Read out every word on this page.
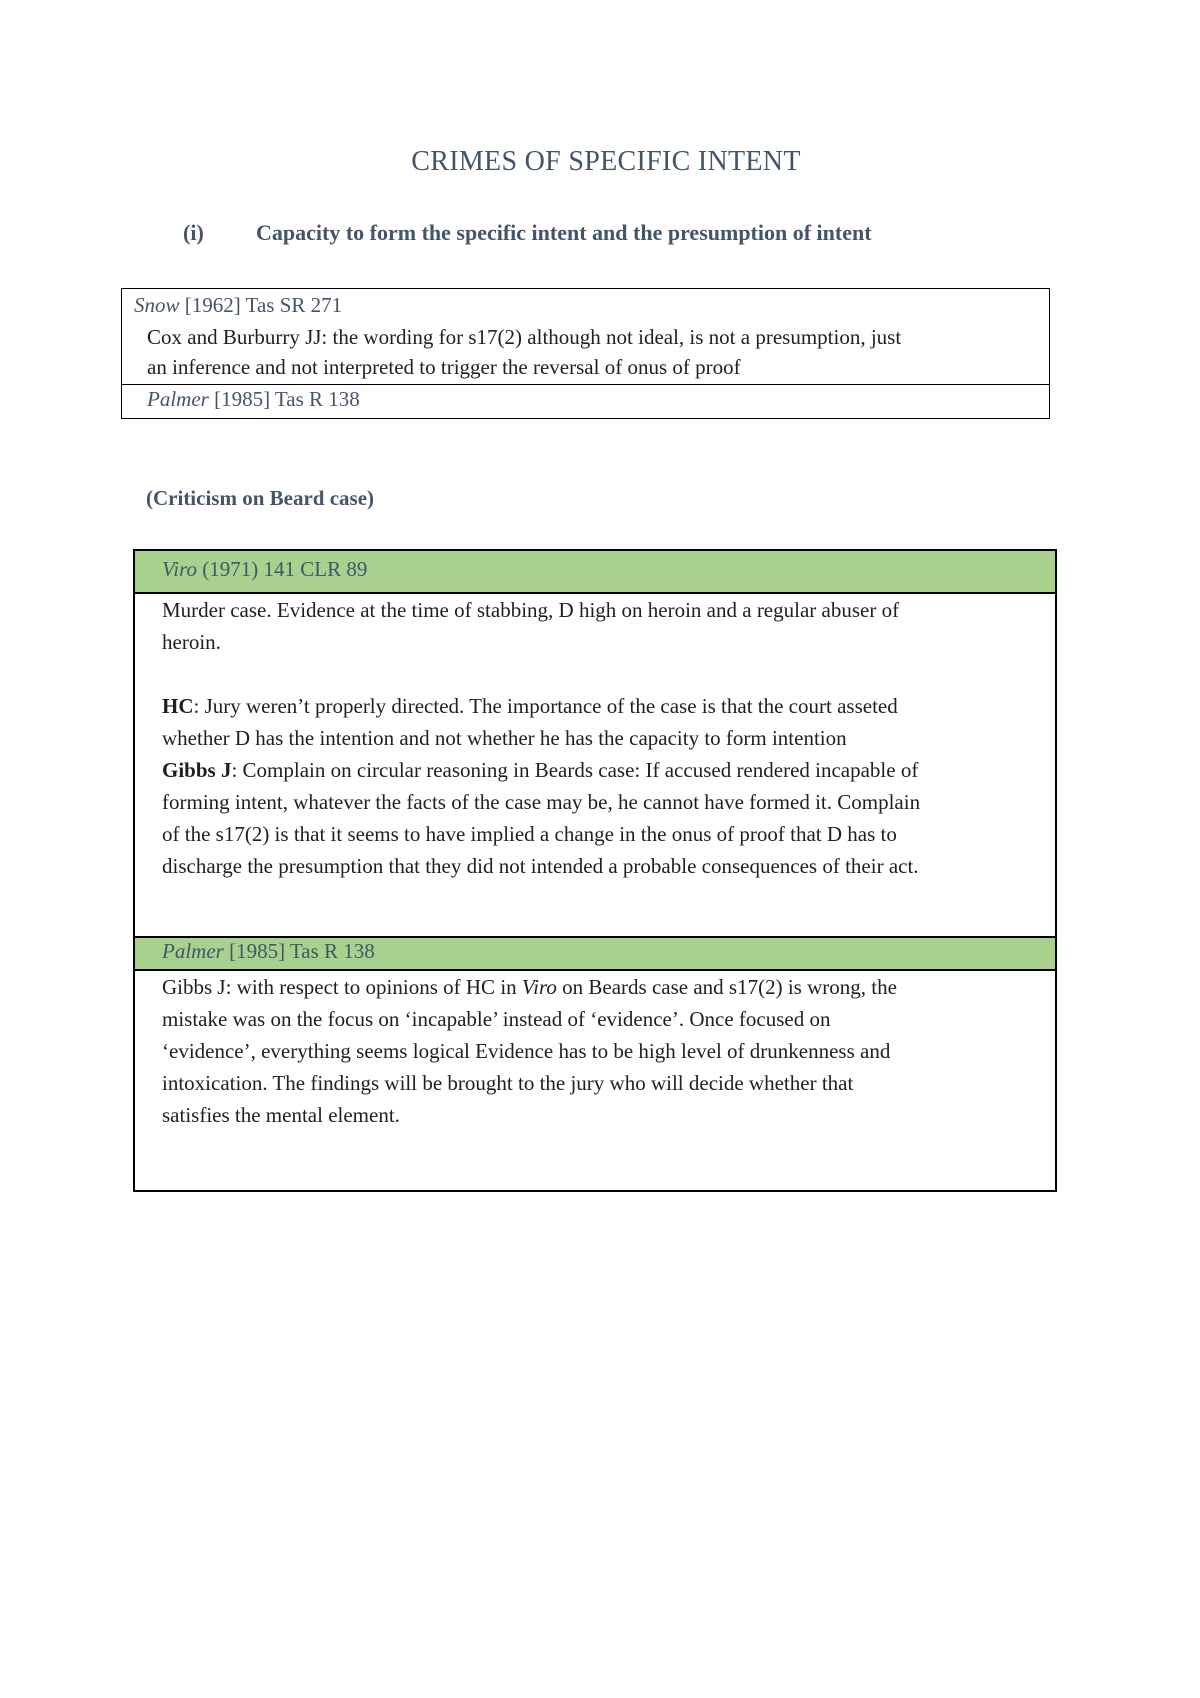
CRIMES OF SPECIFIC INTENT
(i) Capacity to form the specific intent and the presumption of intent
Snow [1962] Tas SR 271
Cox and Burburry JJ: the wording for s17(2) although not ideal, is not a presumption, just
an inference and not interpreted to trigger the reversal of onus of proof
Palmer [1985] Tas R 138
(Criticism on Beard case)
Viro (1971) 141 CLR 89
Murder case. Evidence at the time of stabbing, D high on heroin and a regular abuser of
heroin.
HC: Jury weren’t properly directed. The importance of the case is that the court asseted
whether D has the intention and not whether he has the capacity to form intention
Gibbs J: Complain on circular reasoning in Beards case: If accused rendered incapable of
forming intent, whatever the facts of the case may be, he cannot have formed it. Complain
of the s17(2) is that it seems to have implied a change in the onus of proof that D has to
discharge the presumption that they did not intended a probable consequences of their act.
Palmer [1985] Tas R 138
Gibbs J: with respect to opinions of HC in Viro on Beards case and s17(2) is wrong, the
mistake was on the focus on ‘incapable’ instead of ‘evidence’. Once focused on
‘evidence’, everything seems logical Evidence has to be high level of drunkenness and
intoxication. The findings will be brought to the jury who will decide whether that
satisfies the mental element.
